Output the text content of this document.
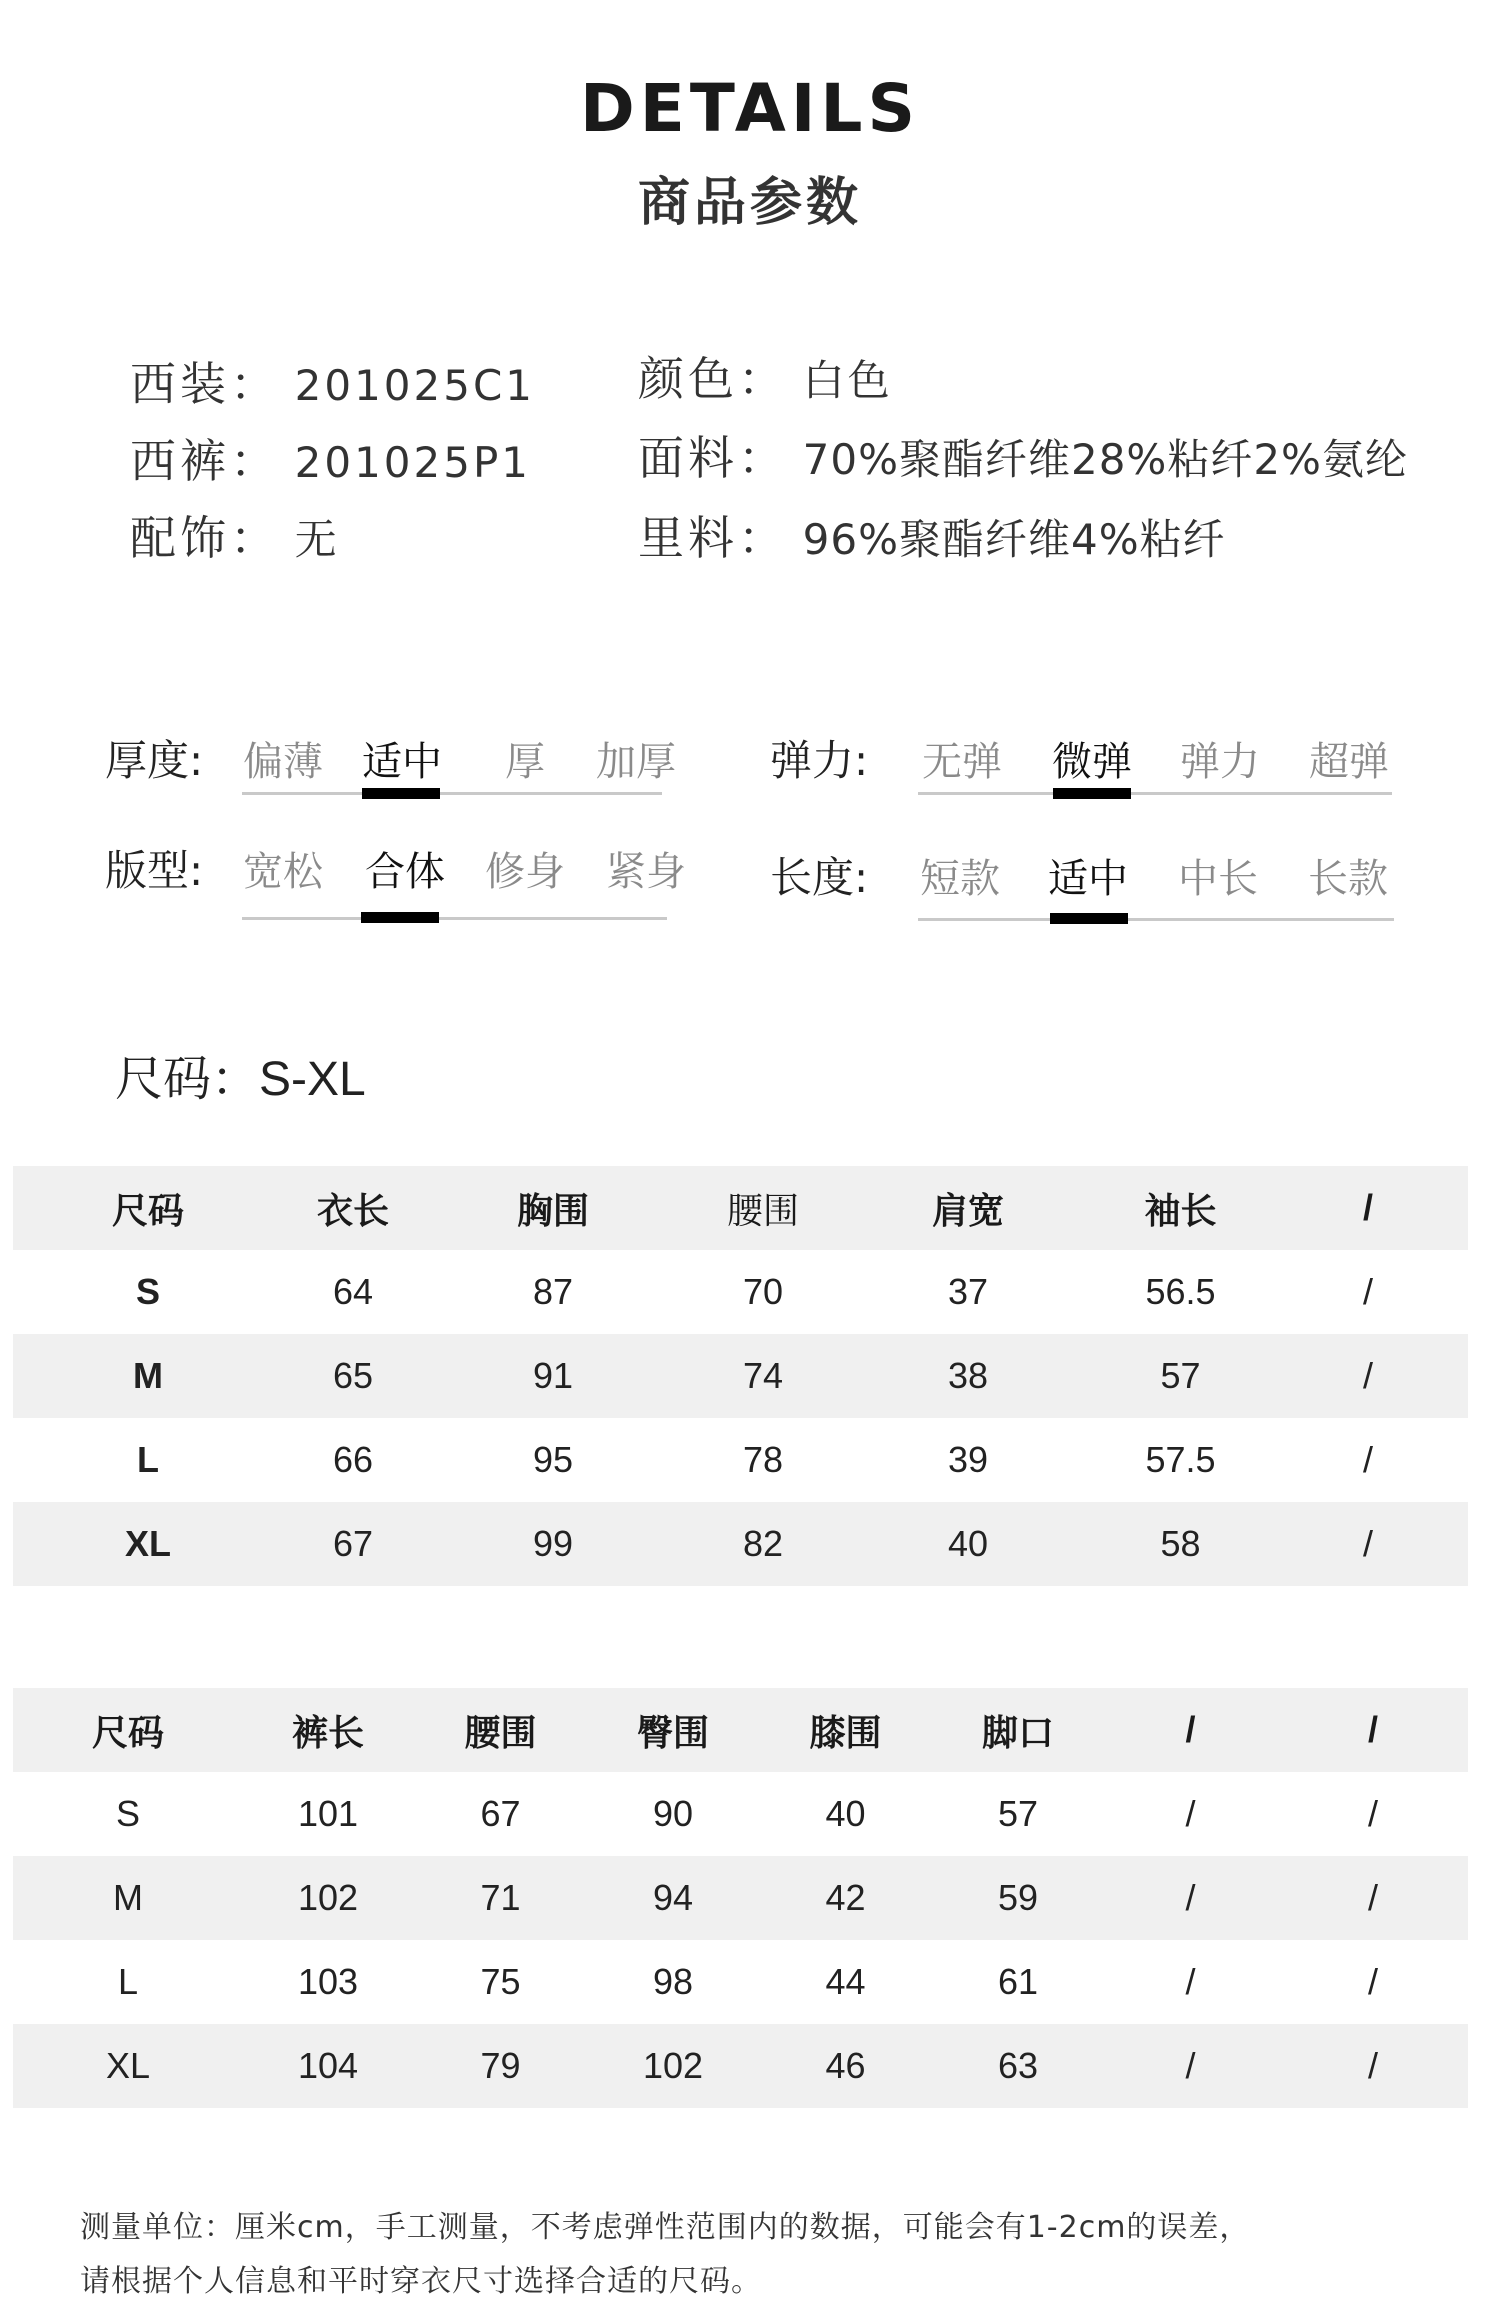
DETAILS
商品参数
西装： 201025C1
西裤： 201025P1
配饰： 无
颜色： 白色
面料： 70%聚酯纤维28%粘纤2%氨纶
里料： 96%聚酯纤维4%粘纤
厚度: 偏薄 适中	厚	加厚	弹力:	无弹	微弹	弹力	超弹
版型: 宽松	合体	修身	紧身	长度:	短款	适中	中长	长款
尺码：S-XL
尺码	衣长	胸围	腰围	肩宽	袖长	/
S	64	87	70	37	56.5	/
M	65	91	74	38	57	/
L	66	95	78	39	57.5	/
XL	67	99	82	40	58	/
尺码	裤长	腰围	臀围	膝围	脚口	/	/
S	101	67	90	40	57	/	/
M	102	71	94	42	59	/	/
L	103	75	98	44	61	/	/
XL	104	79	102	46	63	/	/
测量单位：厘米cm，手工测量，不考虑弹性范围内的数据，可能会有1-2cm的误差，
请根据个人信息和平时穿衣尺寸选择合适的尺码。
